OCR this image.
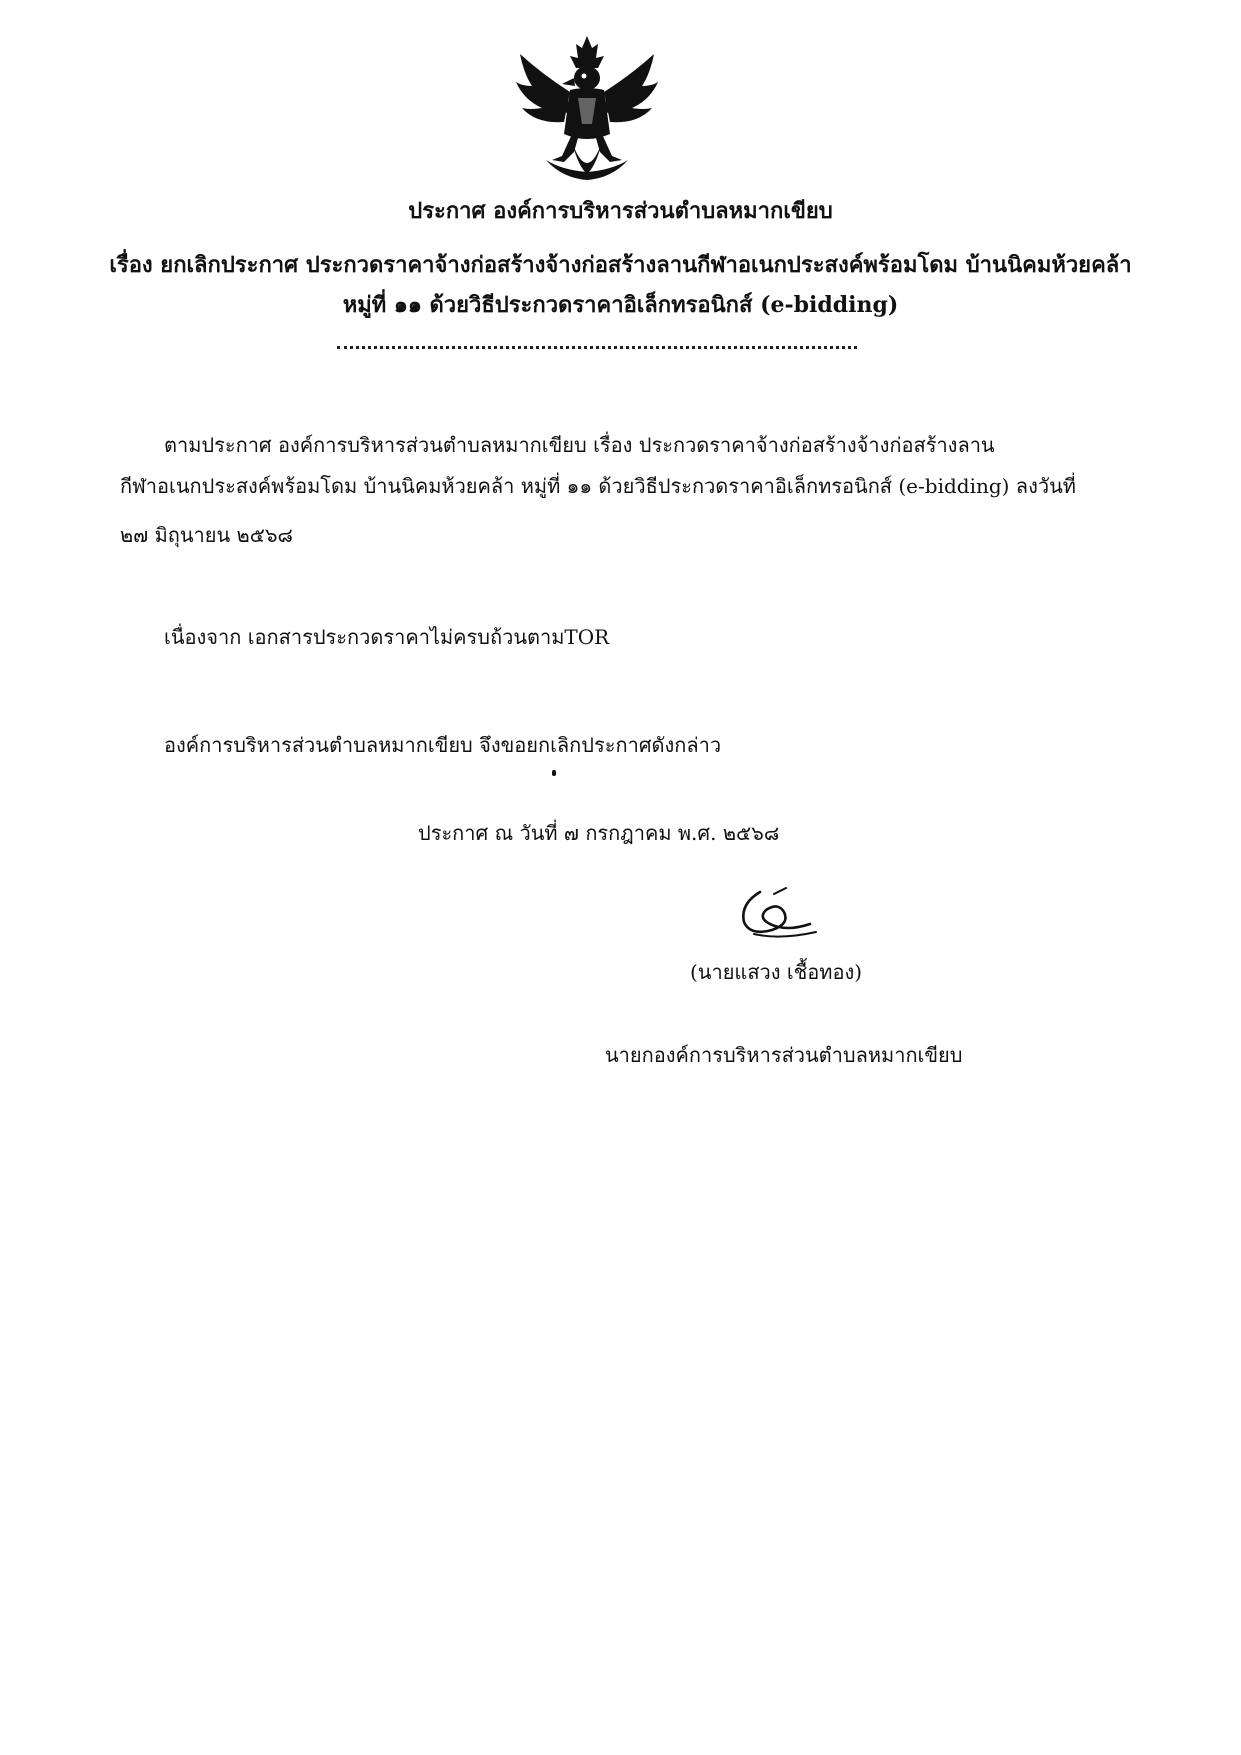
ประกาศ องค์การบริหารส่วนตำบลหมากเขียบ
เรื่อง ยกเลิกประกาศ ประกวดราคาจ้างก่อสร้างจ้างก่อสร้างลานกีฬาอเนกประสงค์พร้อมโดม บ้านนิคมห้วยคล้า
หมู่ที่ ๑๑ ด้วยวิธีประกวดราคาอิเล็กทรอนิกส์ (e-bidding)
ตามประกาศ องค์การบริหารส่วนตำบลหมากเขียบ เรื่อง ประกวดราคาจ้างก่อสร้างจ้างก่อสร้างลาน
กีฬาอเนกประสงค์พร้อมโดม บ้านนิคมห้วยคล้า หมู่ที่ ๑๑ ด้วยวิธีประกวดราคาอิเล็กทรอนิกส์ (e-bidding) ลงวันที่
๒๗ มิถุนายน ๒๕๖๘
เนื่องจาก เอกสารประกวดราคาไม่ครบถ้วนตามTOR
องค์การบริหารส่วนตำบลหมากเขียบ จึงขอยกเลิกประกาศดังกล่าว
ประกาศ ณ วันที่ ๗ กรกฎาคม พ.ศ. ๒๕๖๘
(นายแสวง เชื้อทอง)
นายกองค์การบริหารส่วนตำบลหมากเขียบ
